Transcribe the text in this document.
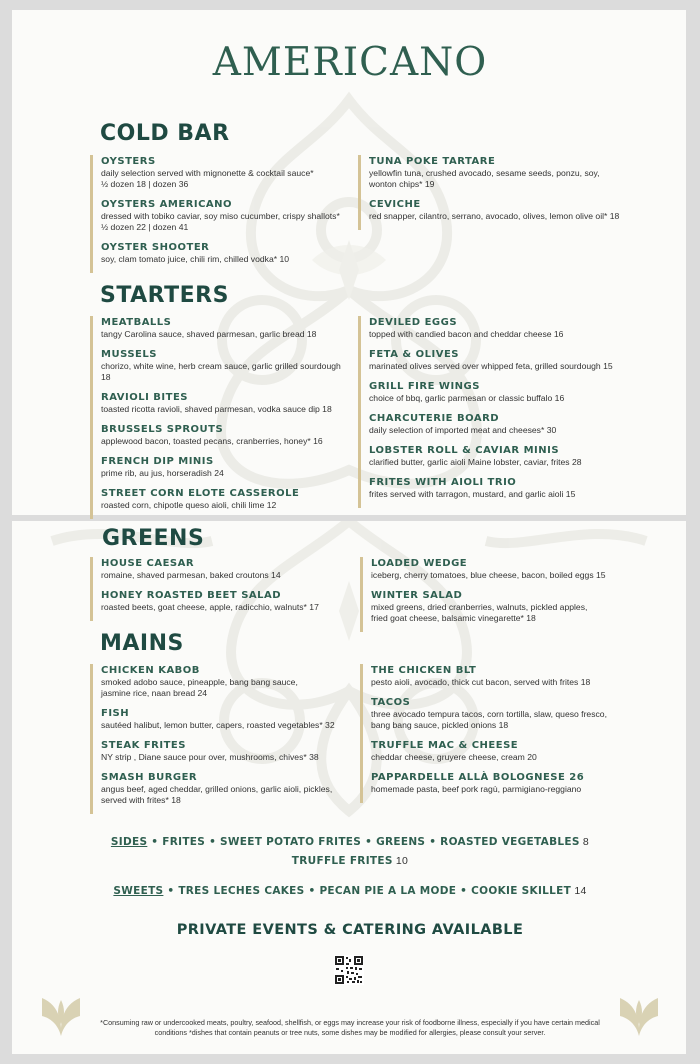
AMERICANO
COLD BAR
OYSTERS
daily selection served with mignonette & cocktail sauce*
½ dozen 18 | dozen 36
OYSTERS AMERICANO
dressed with tobiko caviar, soy miso cucumber, crispy shallots*
½ dozen 22 | dozen 41
OYSTER SHOOTER
soy, clam tomato juice, chili rim, chilled vodka* 10
TUNA POKE TARTARE
yellowfin tuna, crushed avocado, sesame seeds, ponzu, soy,
wonton chips* 19
CEVICHE
red snapper, cilantro, serrano, avocado, olives, lemon olive oil* 18
STARTERS
MEATBALLS
tangy Carolina sauce, shaved parmesan, garlic bread 18
MUSSELS
chorizo, white wine, herb cream sauce, garlic grilled sourdough 18
RAVIOLI BITES
toasted ricotta ravioli, shaved parmesan, vodka sauce dip 18
BRUSSELS SPROUTS
applewood bacon, toasted pecans, cranberries, honey* 16
FRENCH DIP MINIS
prime rib, au jus, horseradish 24
STREET CORN ELOTE CASSEROLE
roasted corn, chipotle queso aioli, chili lime 12
DEVILED EGGS
topped with candied bacon and cheddar cheese 16
FETA & OLIVES
marinated olives served over whipped feta, grilled sourdough 15
GRILL FIRE WINGS
choice of bbq, garlic parmesan or classic buffalo 16
CHARCUTERIE BOARD
daily selection of imported meat and cheeses* 30
LOBSTER ROLL & CAVIAR MINIS
clarified butter, garlic aioli Maine lobster, caviar, frites 28
FRITES WITH AIOLI TRIO
frites served with tarragon, mustard, and garlic aioli 15
GREENS
HOUSE CAESAR
romaine, shaved parmesan, baked croutons 14
HONEY ROASTED BEET SALAD
roasted beets, goat cheese, apple, radicchio, walnuts* 17
LOADED WEDGE
iceberg, cherry tomatoes, blue cheese, bacon, boiled eggs 15
WINTER SALAD
mixed greens, dried cranberries, walnuts, pickled apples,
fried goat cheese, balsamic vinegarette* 18
MAINS
CHICKEN KABOB
smoked adobo sauce, pineapple, bang bang sauce,
jasmine rice, naan bread 24
FISH
sautéed halibut, lemon butter, capers, roasted vegetables* 32
STEAK FRITES
NY strip , Diane sauce pour over, mushrooms, chives* 38
SMASH BURGER
angus beef, aged cheddar, grilled onions, garlic aioli, pickles,
served with frites* 18
THE CHICKEN BLT
pesto aioli, avocado, thick cut bacon, served with frites 18
TACOS
three avocado tempura tacos, corn tortilla, slaw, queso fresco,
bang bang sauce, pickled onions 18
TRUFFLE MAC & CHEESE
cheddar cheese, gruyere cheese, cream 20
PAPPARDELLE ALLÀ BOLOGNESE 26
homemade pasta, beef pork ragù, parmigiano-reggiano
SIDES • FRITES • SWEET POTATO FRITES • GREENS • ROASTED VEGETABLES 8
TRUFFLE FRITES 10
SWEETS • TRES LECHES CAKES • PECAN PIE A LA MODE • COOKIE SKILLET 14
PRIVATE EVENTS & CATERING AVAILABLE
*Consuming raw or undercooked meats, poultry, seafood, shellfish, or eggs may increase your risk of foodborne illness, especially if you have certain medical conditions *dishes that contain peanuts or tree nuts, some dishes may be modified for allergies, please consult your server.
